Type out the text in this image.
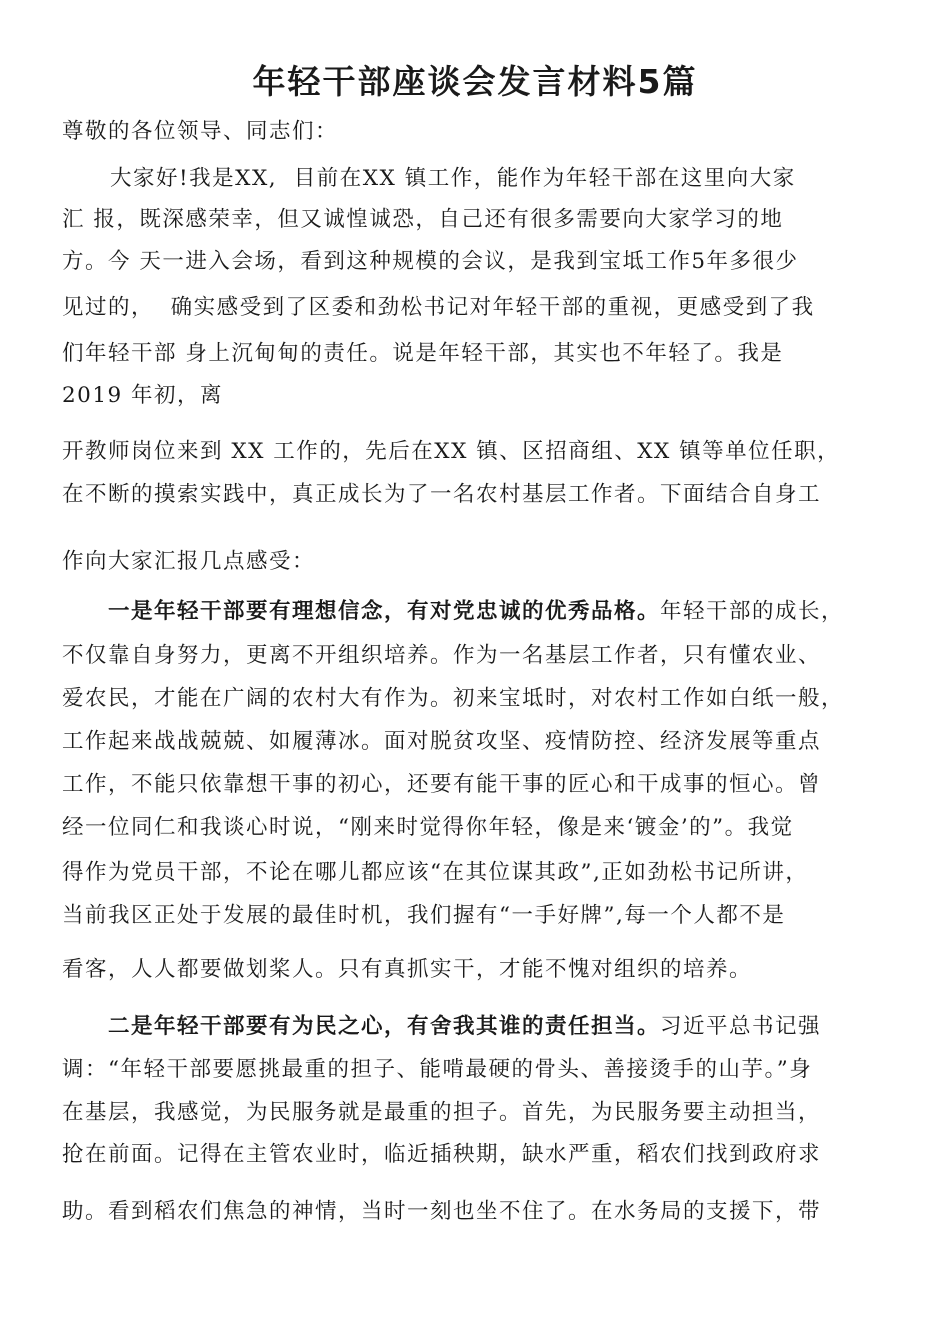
年轻干部座谈会发言材料5篇
尊敬的各位领导、同志们：
大家好!我是XX,  目前在XX 镇工作，能作为年轻干部在这里向大家
汇 报，既深感荣幸，但又诚惶诚恐，自己还有很多需要向大家学习的地
方。今 天一进入会场，看到这种规模的会议，是我到宝坻工作5年多很少
见过的，  确实感受到了区委和劲松书记对年轻干部的重视，更感受到了我
们年轻干部 身上沉甸甸的责任。说是年轻干部，其实也不年轻了。我是
2019 年初，离
开教师岗位来到 XX 工作的，先后在XX 镇、区招商组、XX 镇等单位任职，
在不断的摸索实践中，真正成长为了一名农村基层工作者。下面结合自身工
作向大家汇报几点感受：
一是年轻干部要有理想信念，有对党忠诚的优秀品格。年轻干部的成长，
不仅靠自身努力，更离不开组织培养。作为一名基层工作者，只有懂农业、
爱农民，才能在广阔的农村大有作为。初来宝坻时，对农村工作如白纸一般，
工作起来战战兢兢、如履薄冰。面对脱贫攻坚、疫情防控、经济发展等重点
工作，不能只依靠想干事的初心，还要有能干事的匠心和干成事的恒心。曾
经一位同仁和我谈心时说，“刚来时觉得你年轻，像是来‘镀金’的”。我觉
得作为党员干部，不论在哪儿都应该“在其位谋其政”,正如劲松书记所讲，
当前我区正处于发展的最佳时机，我们握有“一手好牌”,每一个人都不是
看客，人人都要做划桨人。只有真抓实干，才能不愧对组织的培养。
二是年轻干部要有为民之心，有舍我其谁的责任担当。习近平总书记强
调：“年轻干部要愿挑最重的担子、能啃最硬的骨头、善接烫手的山芋。”身
在基层，我感觉，为民服务就是最重的担子。首先，为民服务要主动担当，
抢在前面。记得在主管农业时，临近插秧期，缺水严重，稻农们找到政府求
助。看到稻农们焦急的神情，当时一刻也坐不住了。在水务局的支援下，带
